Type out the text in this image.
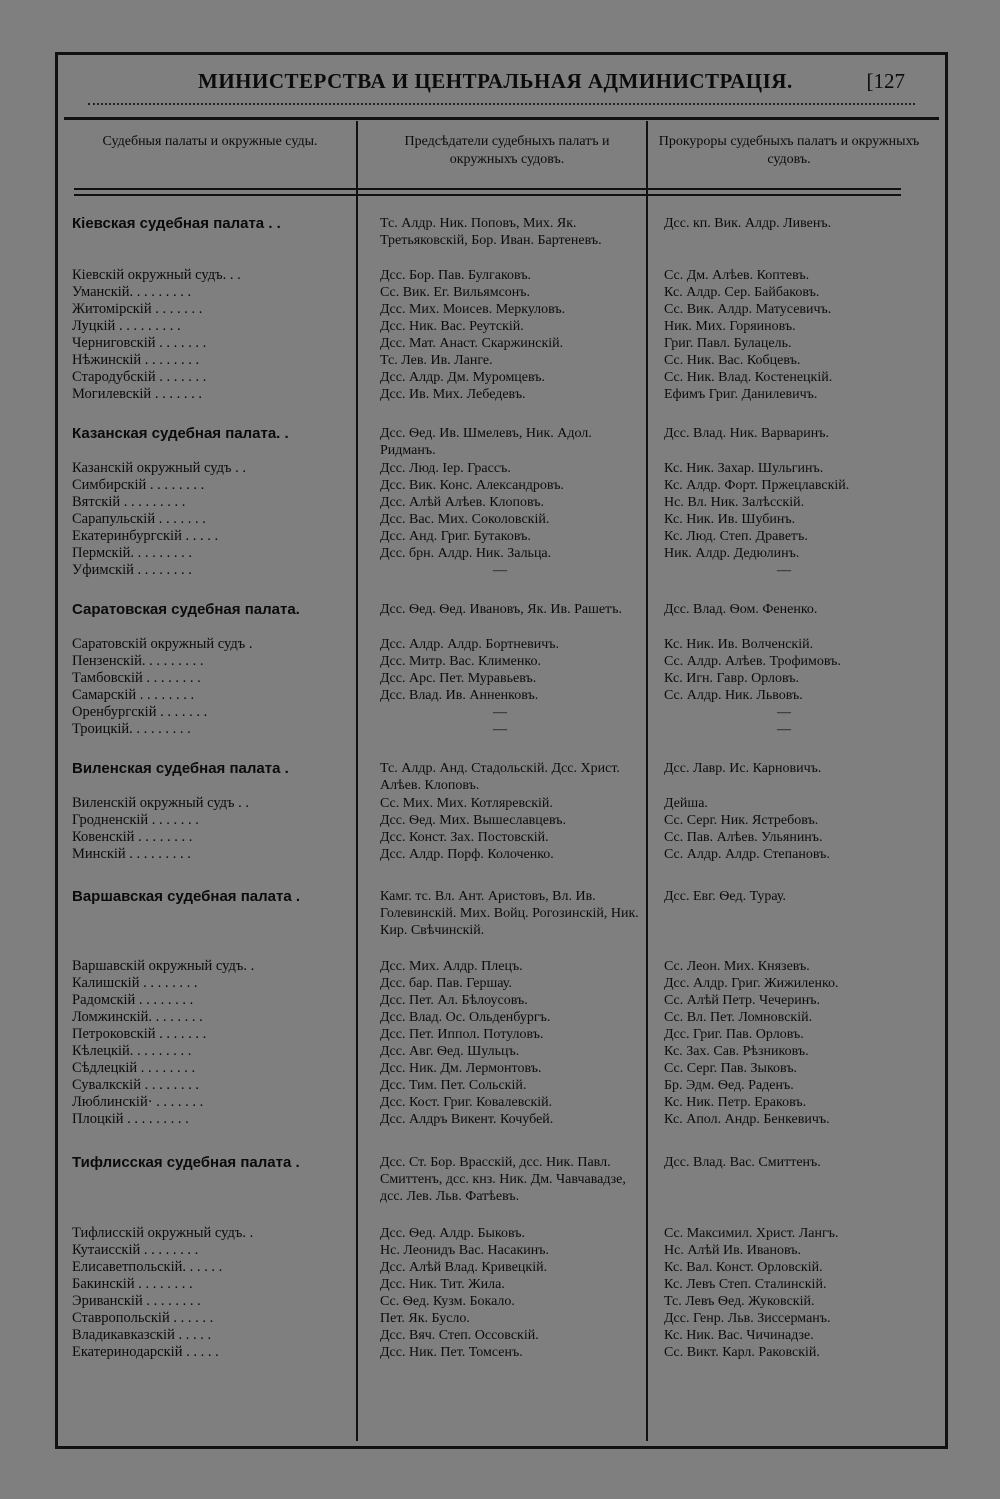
МИНИСТЕРСТВА И ЦЕНТРАЛЬНАЯ АДМИНИСТРАЦІЯ.	[127
Судебныя палаты и окружные суды.	Предсѣдатели судебныхъ палатъ и окружныхъ судовъ.
Прокуроры судебныхъ палатъ и окружныхъ судовъ.
Кіевская судебная палата . .	Тс. Алдр. Ник. Поповъ, Мих. Як. Третьяковскій, Бор. Иван. Бартеневъ.
Дсс. кп. Вик. Алдр. Ливенъ.
Кіевскій окружный судъ. . .	Дсс. Бор. Пав. Булгаковъ.	Сс. Дм. Алѣев. Коптевъ.
Уманскій. . . . . . . . .	Сс. Вик. Ег. Вильямсонъ.	Кс. Алдр. Сер. Байбаковъ.
Житомірскій . . . . . . .	Дсс. Мих. Моисев. Меркуловъ.	Сс. Вик. Алдр. Матусевичъ.
Луцкій . . . . . . . . .	Дсс. Ник. Вас. Реутскій.	Ник. Мих. Горяиновъ.
Черниговскій . . . . . . .	Дсс. Мат. Анаст. Скаржинскій.	Григ. Павл. Булацель.
Нѣжинскій . . . . . . . .	Тс. Лев. Ив. Ланге.	Сс. Ник. Вас. Кобцевъ.
Стародубскій . . . . . . .	Дсс. Алдр. Дм. Муромцевъ.	Сс. Ник. Влад. Костенецкій.
Могилевскій . . . . . . .	Дсс. Ив. Мих. Лебедевъ.	Ефимъ Григ. Данилевичъ.
Казанская судебная палата. .	Дсс. Ѳед. Ив. Шмелевъ, Ник. Адол. Ридманъ.
Дсс. Влад. Ник. Варваринъ.
Казанскій окружный судъ . .	Дсс. Люд. Іер. Грассъ.	Кс. Ник. Захар. Шульгинъ.
Симбирскій . . . . . . . .	Дсс. Вик. Конс. Александровъ.	Кс. Алдр. Форт. Пржецлавскій.
Вятскій . . . . . . . . .	Дсс. Алѣй Алѣев. Клоповъ.	Нс. Вл. Ник. Залѣсскій.
Сарапульскій . . . . . . .	Дсс. Вас. Мих. Соколовскій.	Кс. Ник. Ив. Шубинъ.
Екатеринбургскій . . . . .	Дсс. Анд. Григ. Бутаковъ.	Кс. Люд. Степ. Драветъ.
Пермскій. . . . . . . . .	Дсс. брн. Алдр. Ник. Зальца.	Ник. Алдр. Дедюлинъ.
Уфимскій . . . . . . . .	—	—
Саратовская судебная палата.	Дсс. Ѳед. Ѳед. Ивановъ, Як. Ив. Рашетъ.	Дсс. Влад. Ѳом. Фененко.
Саратовскій окружный судъ .	Дсс. Алдр. Алдр. Бортневичъ.	Кс. Ник. Ив. Волченскій.
Пензенскій. . . . . . . . .	Дсс. Митр. Вас. Клименко.	Сс. Алдр. Алѣев. Трофимовъ.
Тамбовскій . . . . . . . .	Дсс. Арс. Пет. Муравьевъ.	Кс. Игн. Гавр. Орловъ.
Самарскій . . . . . . . .	Дсс. Влад. Ив. Анненковъ.	Сс. Алдр. Ник. Львовъ.
Оренбургскій . . . . . . .	—	—
Троицкій. . . . . . . . .	—	—
Виленская судебная палата .	Тс. Алдр. Анд. Стадольскій. Дсс. Христ. Алѣев. Клоповъ.
Дсс. Лавр. Ис. Карновичъ.
Виленскій окружный судъ . .	Сс. Мих. Мих. Котляревскій.	Дейша.
Гродненскій . . . . . . .	Дсс. Ѳед. Мих. Вышеславцевъ.	Сс. Серг. Ник. Ястребовъ.
Ковенскій . . . . . . . .	Дсс. Конст. Зах. Постовскій.	Сс. Пав. Алѣев. Ульянинъ.
Минскій . . . . . . . . .	Дсс. Алдр. Порф. Колоченко.	Сс. Алдр. Алдр. Степановъ.
Варшавская судебная палата .	Камг. тс. Вл. Ант. Аристовъ, Вл. Ив. Голевинскій. Мих. Войц. Рогозинскій, Ник. Кир. Свѣчинскій.
Дсс. Евг. Ѳед. Турау.
Варшавскій окружный судъ. .	Дсс. Мих. Алдр. Плецъ.	Сс. Леон. Мих. Князевъ.
Калишскій . . . . . . . .	Дсс. бар. Пав. Гершау.	Дсс. Алдр. Григ. Жижиленко.
Радомскій . . . . . . . .	Дсс. Пет. Ал. Бѣлоусовъ.	Сс. Алѣй Петр. Чечеринъ.
Ломжинскій. . . . . . . .	Дсс. Влад. Ос. Ольденбургъ.	Сс. Вл. Пет. Ломновскій.
Петроковскій . . . . . . .	Дсс. Пет. Иппол. Потуловъ.	Дсс. Григ. Пав. Орловъ.
Кѣлецкій. . . . . . . . .	Дсс. Авг. Ѳед. Шульцъ.	Кс. Зах. Сав. Рѣзниковъ.
Сѣдлецкій . . . . . . . .	Дсс. Ник. Дм. Лермонтовъ.	Сс. Серг. Пав. Зыковъ.
Сувалкскій . . . . . . . .	Дсс. Тим. Пет. Сольскій.	Бр. Эдм. Ѳед. Раденъ.
Люблинскій· . . . . . . .	Дсс. Кост. Григ. Ковалевскій.	Кс. Ник. Петр. Ераковъ.
Плоцкій . . . . . . . . .	Дсс. Алдръ Викент. Кочубей.	Кс. Апол. Андр. Бенкевичъ.
Тифлисская судебная палата .	Дсс. Ст. Бор. Врасскій, дсс. Ник. Павл. Смиттенъ, дсс. кнз. Ник. Дм. Чавчавадзе, дсс. Лев. Льв. Фатѣевъ.
Дсс. Влад. Вас. Смиттенъ.
Тифлисскій окружный судъ. .	Дсс. Ѳед. Алдр. Быковъ.	Сс. Максимил. Христ. Лангъ.
Кутаисскій . . . . . . . .	Нс. Леонидъ Вас. Насакинъ.	Нс. Алѣй Ив. Ивановъ.
Елисаветпольскій. . . . . .	Дсс. Алѣй Влад. Кривецкій.	Кс. Вал. Конст. Орловскій.
Бакинскій . . . . . . . .	Дсс. Ник. Тит. Жила.	Кс. Левъ Степ. Сталинскій.
Эриванскій . . . . . . . .	Сс. Ѳед. Кузм. Бокало.	Тс. Левъ Ѳед. Жуковскій.
Ставропольскій . . . . . .	Пет. Як. Бусло.	Дсс. Генр. Льв. Зиссерманъ.
Владикавказскій . . . . .	Дсс. Вяч. Степ. Оссовскій.	Кс. Ник. Вас. Чичинадзе.
Екатеринодарскій . . . . .	Дсс. Ник. Пет. Томсенъ.	Сс. Викт. Карл. Раковскій.
